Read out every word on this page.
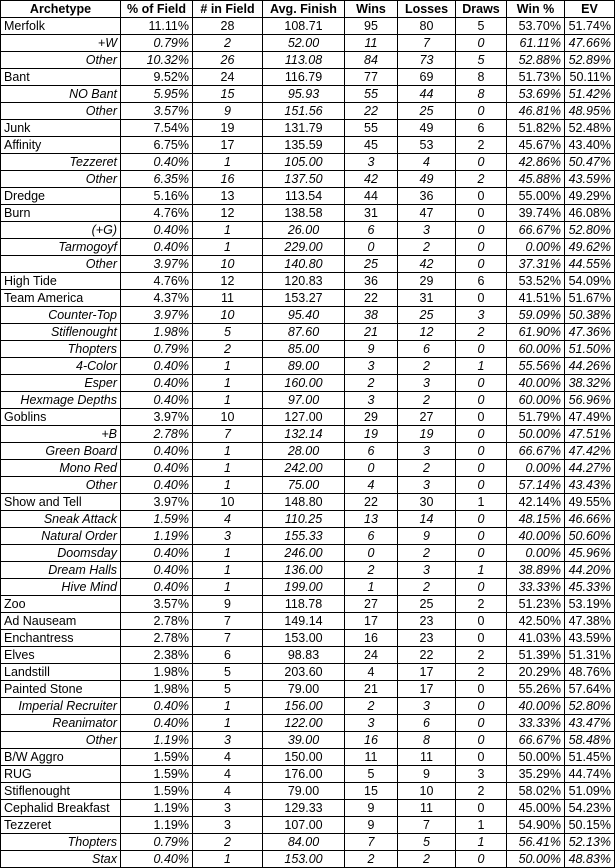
Archetype	% of Field	# in Field	Avg. Finish	Wins	Losses	Draws	Win %	EV
Merfolk	11.11%	28	108.71	95	80	5	53.70%	51.74%
+W	0.79%	2	52.00	11	7	0	61.11%	47.66%
Other	10.32%	26	113.08	84	73	5	52.88%	52.89%
Bant	9.52%	24	116.79	77	69	8	51.73%	50.11%
NO Bant	5.95%	15	95.93	55	44	8	53.69%	51.42%
Other	3.57%	9	151.56	22	25	0	46.81%	48.95%
Junk	7.54%	19	131.79	55	49	6	51.82%	52.48%
Affinity	6.75%	17	135.59	45	53	2	45.67%	43.40%
Tezzeret	0.40%	1	105.00	3	4	0	42.86%	50.47%
Other	6.35%	16	137.50	42	49	2	45.88%	43.59%
Dredge	5.16%	13	113.54	44	36	0	55.00%	49.29%
Burn	4.76%	12	138.58	31	47	0	39.74%	46.08%
(+G)	0.40%	1	26.00	6	3	0	66.67%	52.80%
Tarmogoyf	0.40%	1	229.00	0	2	0	0.00%	49.62%
Other	3.97%	10	140.80	25	42	0	37.31%	44.55%
High Tide	4.76%	12	120.83	36	29	6	53.52%	54.09%
Team America	4.37%	11	153.27	22	31	0	41.51%	51.67%
Counter-Top	3.97%	10	95.40	38	25	3	59.09%	50.38%
Stiflenought	1.98%	5	87.60	21	12	2	61.90%	47.36%
Thopters	0.79%	2	85.00	9	6	0	60.00%	51.50%
4-Color	0.40%	1	89.00	3	2	1	55.56%	44.26%
Esper	0.40%	1	160.00	2	3	0	40.00%	38.32%
Hexmage Depths	0.40%	1	97.00	3	2	0	60.00%	56.96%
Goblins	3.97%	10	127.00	29	27	0	51.79%	47.49%
+B	2.78%	7	132.14	19	19	0	50.00%	47.51%
Green Board	0.40%	1	28.00	6	3	0	66.67%	47.42%
Mono Red	0.40%	1	242.00	0	2	0	0.00%	44.27%
Other	0.40%	1	75.00	4	3	0	57.14%	43.43%
Show and Tell	3.97%	10	148.80	22	30	1	42.14%	49.55%
Sneak Attack	1.59%	4	110.25	13	14	0	48.15%	46.66%
Natural Order	1.19%	3	155.33	6	9	0	40.00%	50.60%
Doomsday	0.40%	1	246.00	0	2	0	0.00%	45.96%
Dream Halls	0.40%	1	136.00	2	3	1	38.89%	44.20%
Hive Mind	0.40%	1	199.00	1	2	0	33.33%	45.33%
Zoo	3.57%	9	118.78	27	25	2	51.23%	53.19%
Ad Nauseam	2.78%	7	149.14	17	23	0	42.50%	47.38%
Enchantress	2.78%	7	153.00	16	23	0	41.03%	43.59%
Elves	2.38%	6	98.83	24	22	2	51.39%	51.31%
Landstill	1.98%	5	203.60	4	17	2	20.29%	48.76%
Painted Stone	1.98%	5	79.00	21	17	0	55.26%	57.64%
Imperial Recruiter	0.40%	1	156.00	2	3	0	40.00%	52.80%
Reanimator	0.40%	1	122.00	3	6	0	33.33%	43.47%
Other	1.19%	3	39.00	16	8	0	66.67%	58.48%
B/W Aggro	1.59%	4	150.00	11	11	0	50.00%	51.45%
RUG	1.59%	4	176.00	5	9	3	35.29%	44.74%
Stiflenought	1.59%	4	79.00	15	10	2	58.02%	51.09%
Cephalid Breakfast	1.19%	3	129.33	9	11	0	45.00%	54.23%
Tezzeret	1.19%	3	107.00	9	7	1	54.90%	50.15%
Thopters	0.79%	2	84.00	7	5	1	56.41%	52.13%
Stax	0.40%	1	153.00	2	2	0	50.00%	48.83%
